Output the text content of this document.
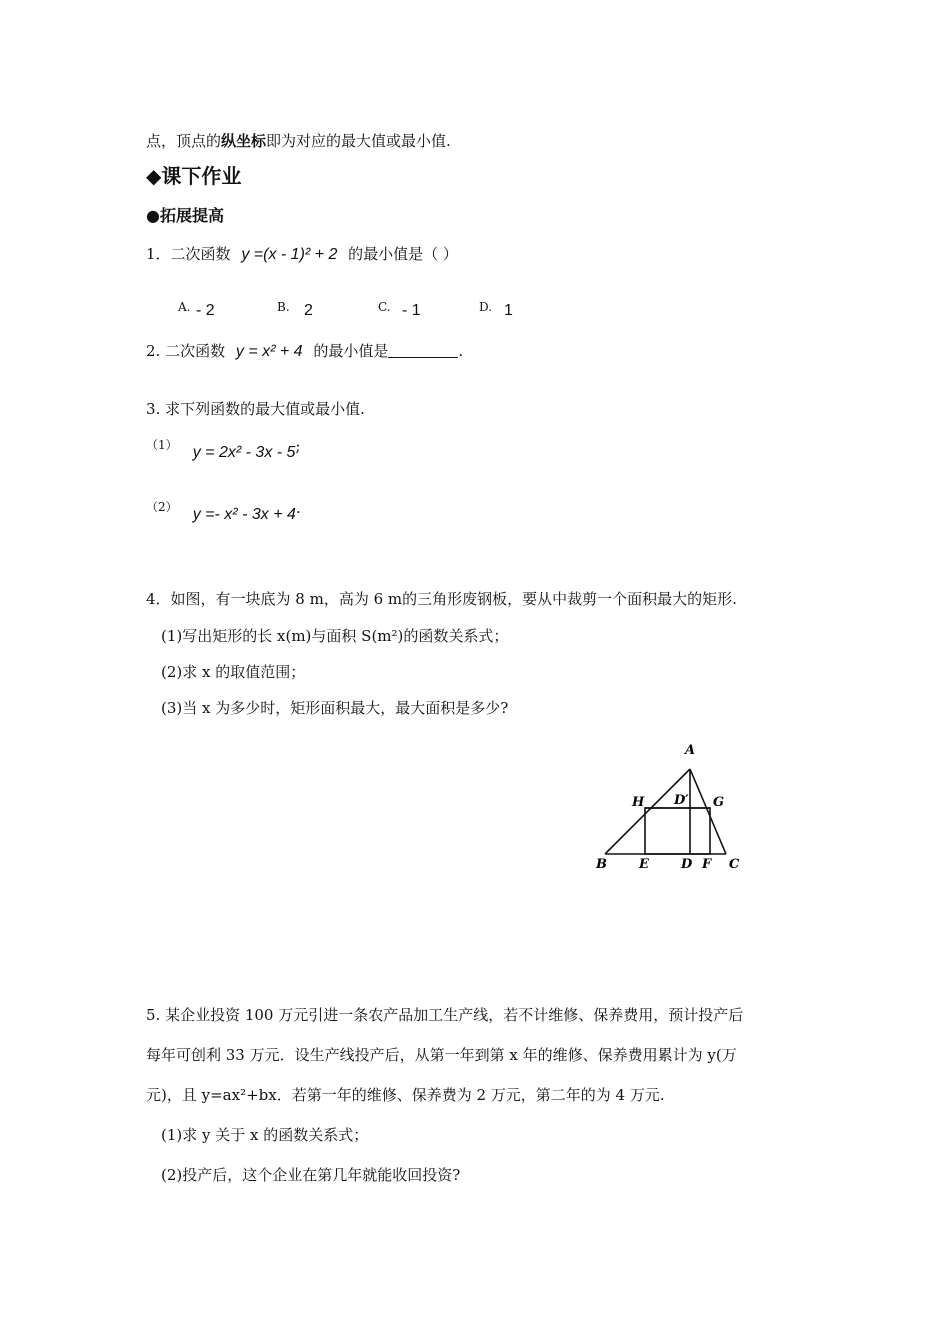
点，顶点的纵坐标即为对应的最大值或最小值.
◆课下作业
●拓展提高
1．二次函数 y =(x - 1)² + 2 的最小值是（ ）
A. - 2	B. 2	C. - 1	D. 1
2. 二次函数 y = x² + 4 的最小值是	.
3. 求下列函数的最大值或最小值.
$^{(1)}$ y = 2x² - 3x - 5;
$^{(2)}$ y =- x² - 3x + 4.
4．如图，有一块底为 8 m，高为 6 m的三角形废钢板，要从中裁剪一个面积最大的矩形.
(1)写出矩形的长 x(m)与面积 S(m²)的函数关系式；
(2)求 x 的取值范围；
(3)当 x 为多少时，矩形面积最大，最大面积是多少?
A
H D′ G
B E D F C
5. 某企业投资 100 万元引进一条农产品加工生产线，若不计维修、保养费用，预计投产后
每年可创利 33 万元．设生产线投产后，从第一年到第 x 年的维修、保养费用累计为 y(万
元)，且 y=ax²+bx．若第一年的维修、保养费为 2 万元，第二年的为 4 万元.
(1)求 y 关于 x 的函数关系式；
(2)投产后，这个企业在第几年就能收回投资?
